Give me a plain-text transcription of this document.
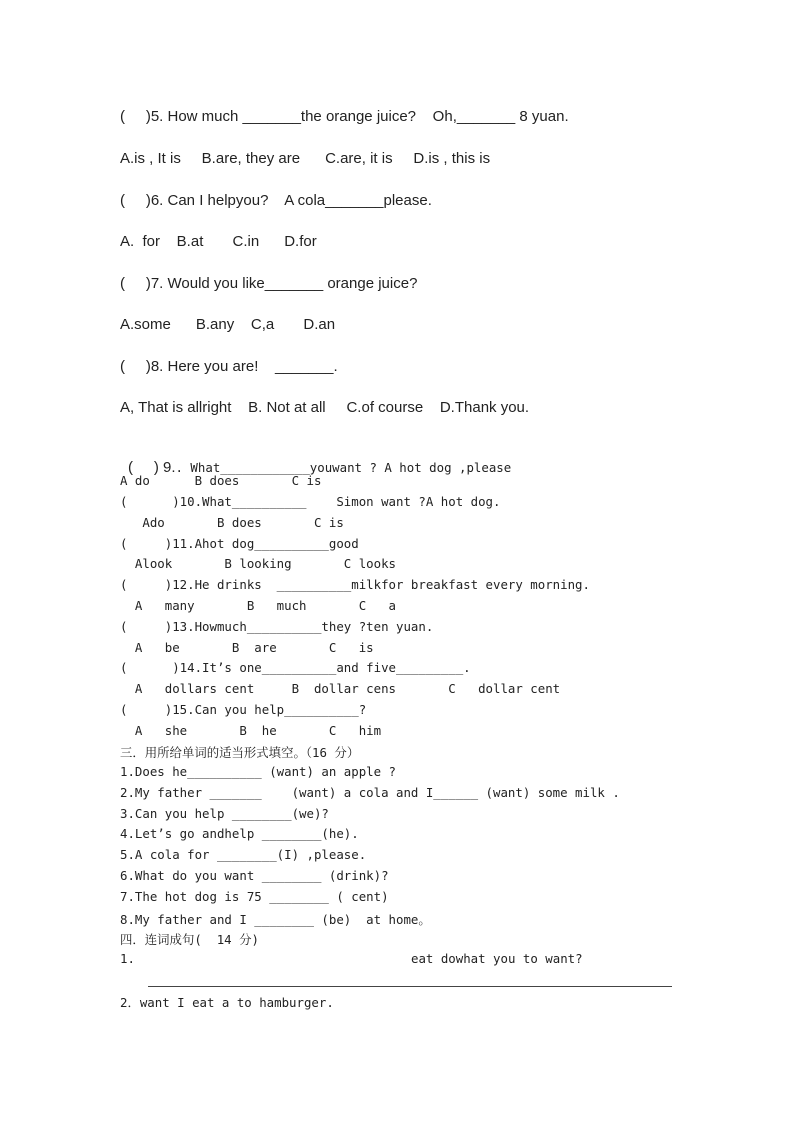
(     )5. How much _______the orange juice?    Oh,_______ 8 yuan.
A.is , It is     B.are, they are      C.are, it is     D.is , this is
(     )6. Can I helpyou?    A cola_______please.
A.  for    B.at       C.in      D.for
(     )7. Would you like_______ orange juice?
A.some      B.any    C,a       D.an
(     )8. Here you are!    _______.
A, That is allright    B. Not at all     C.of course    D.Thank you.

(     ) 9.. What____________youwant ? A hot dog ,please

A do      B does       C is
(      )10.What__________    Simon want ?A hot dog.
Ado       B does       C is
(     )11.Ahot dog__________good
Alook       B looking       C looks
(     )12.He drinks  __________milkfor breakfast every morning.
A   many       B   much       C   a
(     )13.Howmuch__________they ?ten yuan.
A   be       B  are       C   is
(      )14.It’s one__________and five_________.
A   dollars cent     B  dollar cens       C   dollar cent
(     )15.Can you help__________?
A   she       B  he       C   him
三．用所给单词的适当形式填空。（16 分）
1.Does he__________ (want) an apple ?
2.My father _______    (want) a cola and I______ (want) some milk .
3.Can you help ________(we)?
4.Let’s go andhelp ________(he).
5.A cola for ________(I) ,please.
6.What do you want ________ (drink)?
7.The hot dog is 75 ________ ( cent)
8.My father and I ________ (be)  at home。
四．连词成句(  14 分)
1.	eat dowhat you to want?
2．want I eat a to hamburger.
